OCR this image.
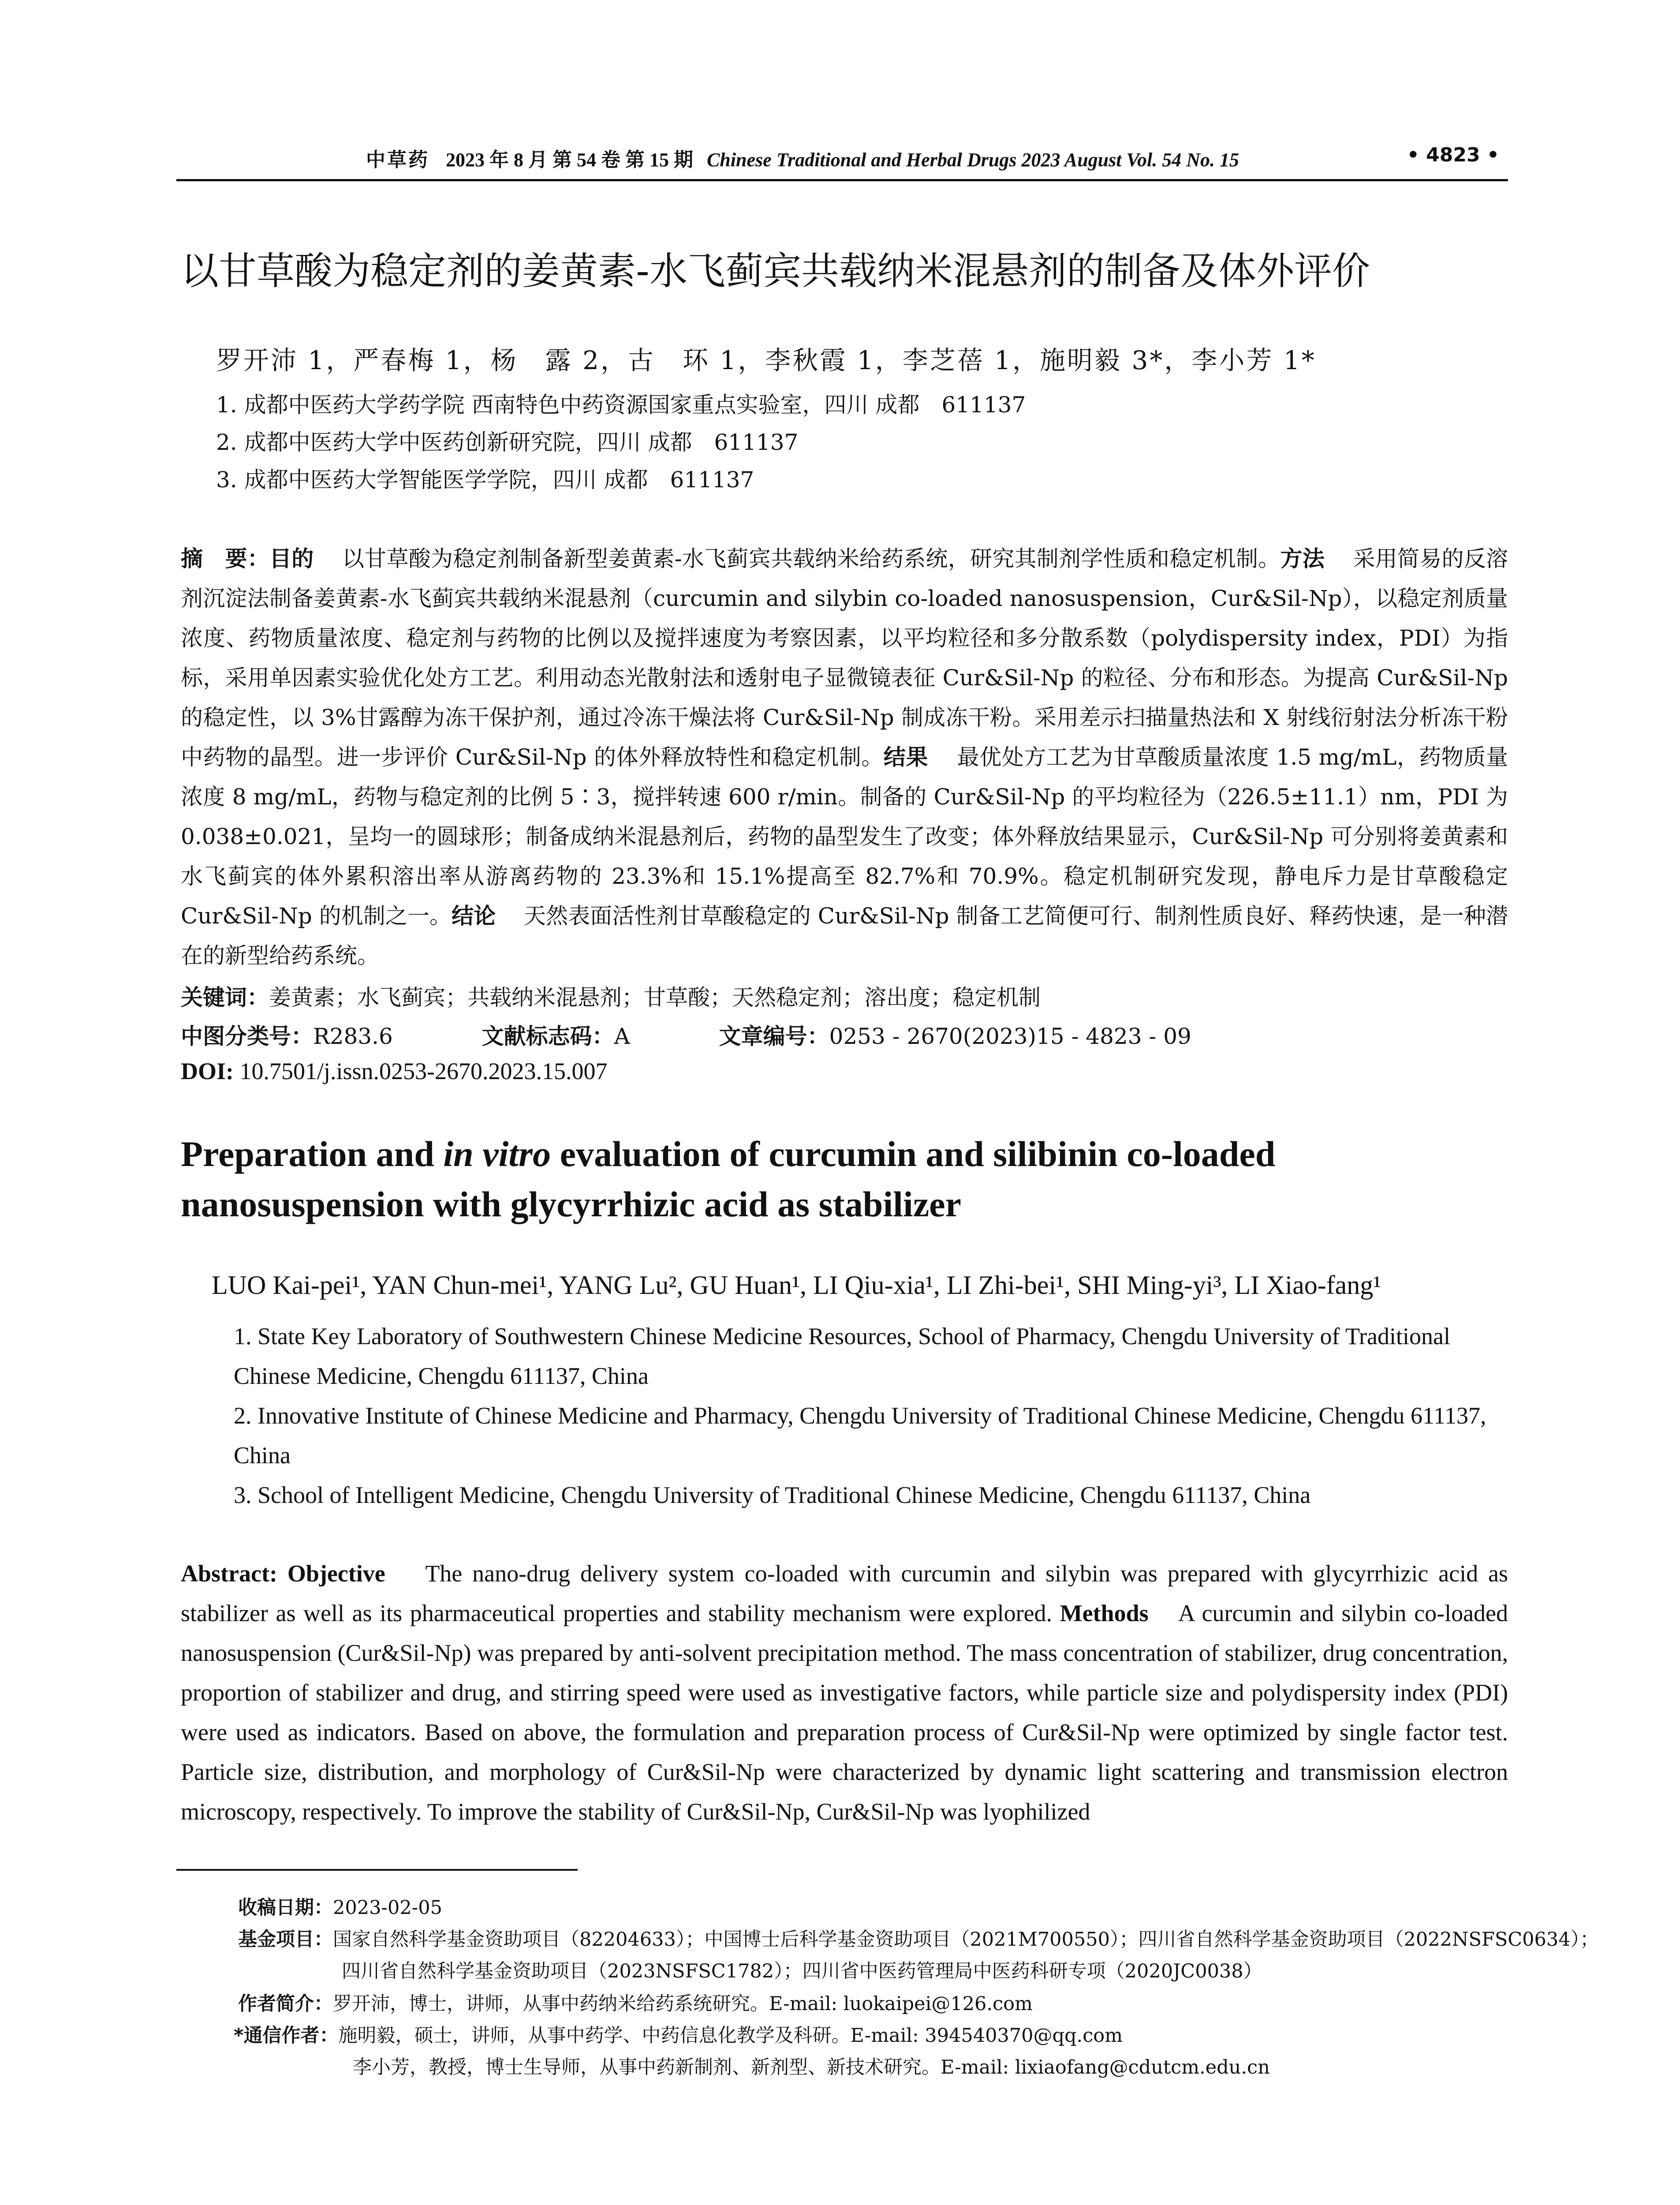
中草药 2023 年 8 月 第 54 卷 第 15 期 Chinese Traditional and Herbal Drugs 2023 August Vol. 54 No. 15	• 4823 •
以甘草酸为稳定剂的姜黄素-水飞蓟宾共载纳米混悬剂的制备及体外评价
罗开沛 1，严春梅 1，杨　露 2，古　环 1，李秋霞 1，李芝蓓 1，施明毅 3*，李小芳 1*
1. 成都中医药大学药学院 西南特色中药资源国家重点实验室，四川 成都　611137
2. 成都中医药大学中医药创新研究院，四川 成都　611137
3. 成都中医药大学智能医学学院，四川 成都　611137
摘　要：目的 以甘草酸为稳定剂制备新型姜黄素-水飞蓟宾共载纳米给药系统，研究其制剂学性质和稳定机制。方法 采用简易的反溶剂沉淀法制备姜黄素-水飞蓟宾共载纳米混悬剂（curcumin and silybin co-loaded nanosuspension，Cur&Sil-Np），以稳定剂质量浓度、药物质量浓度、稳定剂与药物的比例以及搅拌速度为考察因素，以平均粒径和多分散系数（polydispersity index，PDI）为指标，采用单因素实验优化处方工艺。利用动态光散射法和透射电子显微镜表征 Cur&Sil-Np 的粒径、分布和形态。为提高 Cur&Sil-Np 的稳定性，以 3%甘露醇为冻干保护剂，通过冷冻干燥法将 Cur&Sil-Np 制成冻干粉。采用差示扫描量热法和 X 射线衍射法分析冻干粉中药物的晶型。进一步评价 Cur&Sil-Np 的体外释放特性和稳定机制。结果 最优处方工艺为甘草酸质量浓度 1.5 mg/mL，药物质量浓度 8 mg/mL，药物与稳定剂的比例 5∶3，搅拌转速 600 r/min。制备的 Cur&Sil-Np 的平均粒径为（226.5±11.1）nm，PDI 为 0.038±0.021，呈均一的圆球形；制备成纳米混悬剂后，药物的晶型发生了改变；体外释放结果显示，Cur&Sil-Np 可分别将姜黄素和水飞蓟宾的体外累积溶出率从游离药物的 23.3%和 15.1%提高至 82.7%和 70.9%。稳定机制研究发现，静电斥力是甘草酸稳定 Cur&Sil-Np 的机制之一。结论 天然表面活性剂甘草酸稳定的 Cur&Sil-Np 制备工艺简便可行、制剂性质良好、释药快速，是一种潜在的新型给药系统。
关键词：姜黄素；水飞蓟宾；共载纳米混悬剂；甘草酸；天然稳定剂；溶出度；稳定机制
中图分类号：R283.6	文献标志码：A	文章编号：0253 - 2670(2023)15 - 4823 - 09
DOI: 10.7501/j.issn.0253-2670.2023.15.007
Preparation and in vitro evaluation of curcumin and silibinin co-loaded nanosuspension with glycyrrhizic acid as stabilizer
LUO Kai-pei¹, YAN Chun-mei¹, YANG Lu², GU Huan¹, LI Qiu-xia¹, LI Zhi-bei¹, SHI Ming-yi³, LI Xiao-fang¹
1. State Key Laboratory of Southwestern Chinese Medicine Resources, School of Pharmacy, Chengdu University of Traditional Chinese Medicine, Chengdu 611137, China
2. Innovative Institute of Chinese Medicine and Pharmacy, Chengdu University of Traditional Chinese Medicine, Chengdu 611137, China
3. School of Intelligent Medicine, Chengdu University of Traditional Chinese Medicine, Chengdu 611137, China
Abstract: Objective The nano-drug delivery system co-loaded with curcumin and silybin was prepared with glycyrrhizic acid as stabilizer as well as its pharmaceutical properties and stability mechanism were explored. Methods A curcumin and silybin co-loaded nanosuspension (Cur&Sil-Np) was prepared by anti-solvent precipitation method. The mass concentration of stabilizer, drug concentration, proportion of stabilizer and drug, and stirring speed were used as investigative factors, while particle size and polydispersity index (PDI) were used as indicators. Based on above, the formulation and preparation process of Cur&Sil-Np were optimized by single factor test. Particle size, distribution, and morphology of Cur&Sil-Np were characterized by dynamic light scattering and transmission electron microscopy, respectively. To improve the stability of Cur&Sil-Np, Cur&Sil-Np was lyophilized
收稿日期：2023-02-05
基金项目：国家自然科学基金资助项目（82204633）；中国博士后科学基金资助项目（2021M700550）；四川省自然科学基金资助项目（2022NSFSC0634）；四川省自然科学基金资助项目（2023NSFSC1782）；四川省中医药管理局中医药科研专项（2020JC0038）
作者简介：罗开沛，博士，讲师，从事中药纳米给药系统研究。E-mail: luokaipei@126.com
*通信作者：施明毅，硕士，讲师，从事中药学、中药信息化教学及科研。E-mail: 394540370@qq.com
李小芳，教授，博士生导师，从事中药新制剂、新剂型、新技术研究。E-mail: lixiaofang@cdutcm.edu.cn
